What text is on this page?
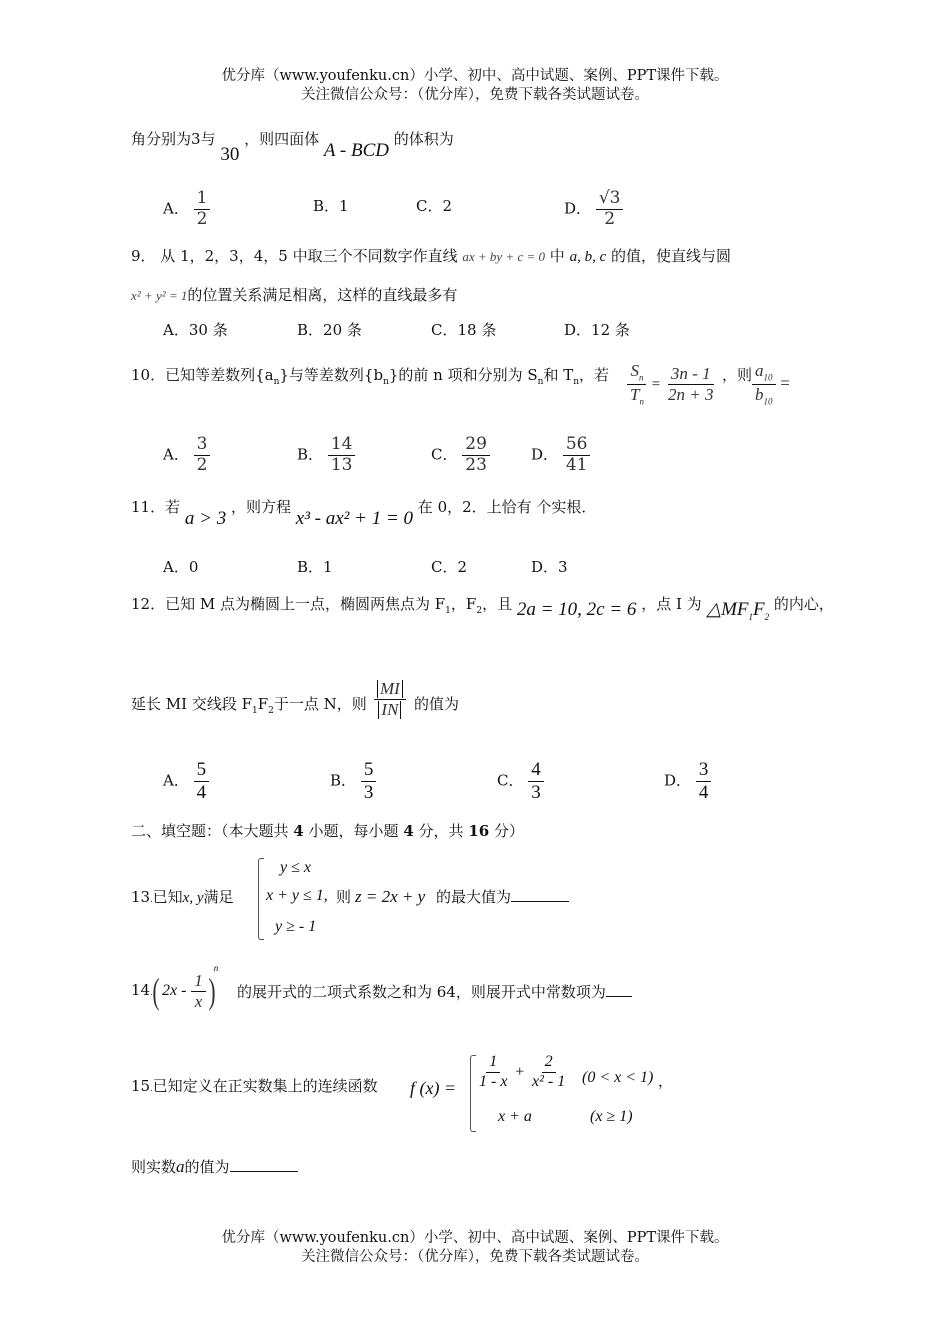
优分库（www.youfenku.cn）小学、初中、高中试题、案例、PPT课件下载。
关注微信公众号：（优分库），免费下载各类试题试卷。
角分别为3与 30 ，则四面体 A - BCD 的体积为
A． $\frac{1}{2}$	B．1	C．2	D． $\frac{√3}{2}$
9． 从 1，2，3，4，5 中取三个不同数字作直线 ax + by + c = 0 中 a, b, c 的值，使直线与圆
x² + y² = 1的位置关系满足相离，这样的直线最多有
A．30 条	B．20 条	C．18 条	D．12 条
10．已知等差数列$\{a_n\}$与等差数列$\{b_n\}$的前 n 项和分别为 $S_n$和 $T_n$，若 $\frac{S_n}{T_n} = \frac{3n - 1}{2n + 3}$ ，则 $\frac{a_{10}}{b_{10}}$ =
A． $\frac{3}{2}$	B． $\frac{14}{13}$	C． $\frac{29}{23}$	D． $\frac{56}{41}$
11．若 a > 3 ，则方程 x³ - ax² + 1 = 0 在 0，2．上恰有 个实根．
A．0	B．1	C．2	D．3
12．已知 M 点为椭圆上一点，椭圆两焦点为 $F_1$，$F_2$，且 2a = 10, 2c = 6 ，点 I 为 $\triangle MF_1F_2$ 的内心，
延长 MI 交线段 $F_1F_2$于一点 N，则 $\frac{MI}{IN}$ 的值为
A． $\frac{5}{4}$	B． $\frac{5}{3}$	C． $\frac{4}{3}$	D． $\frac{3}{4}$
二、填空题：（本大题共 4 小题，每小题 4 分，共 16 分）
13.已知x, y满足
y ≤ x
x + y ≤ 1, 则 z = 2x + y 的最大值为
y ≥ - 1
14. ( $2x - \frac{1}{x} )^n$
的展开式的二项式系数之和为 64，则展开式中常数项为
15.已知定义在正实数集上的连续函数 f $(x) = \frac{1}{1 - x} + \frac{2}{\text{x² - 1}} (0 < x < 1)$ ，
x + a	(x ≥ 1)
则实数a的值为
优分库（www.youfenku.cn）小学、初中、高中试题、案例、PPT课件下载。
关注微信公众号：（优分库），免费下载各类试题试卷。
